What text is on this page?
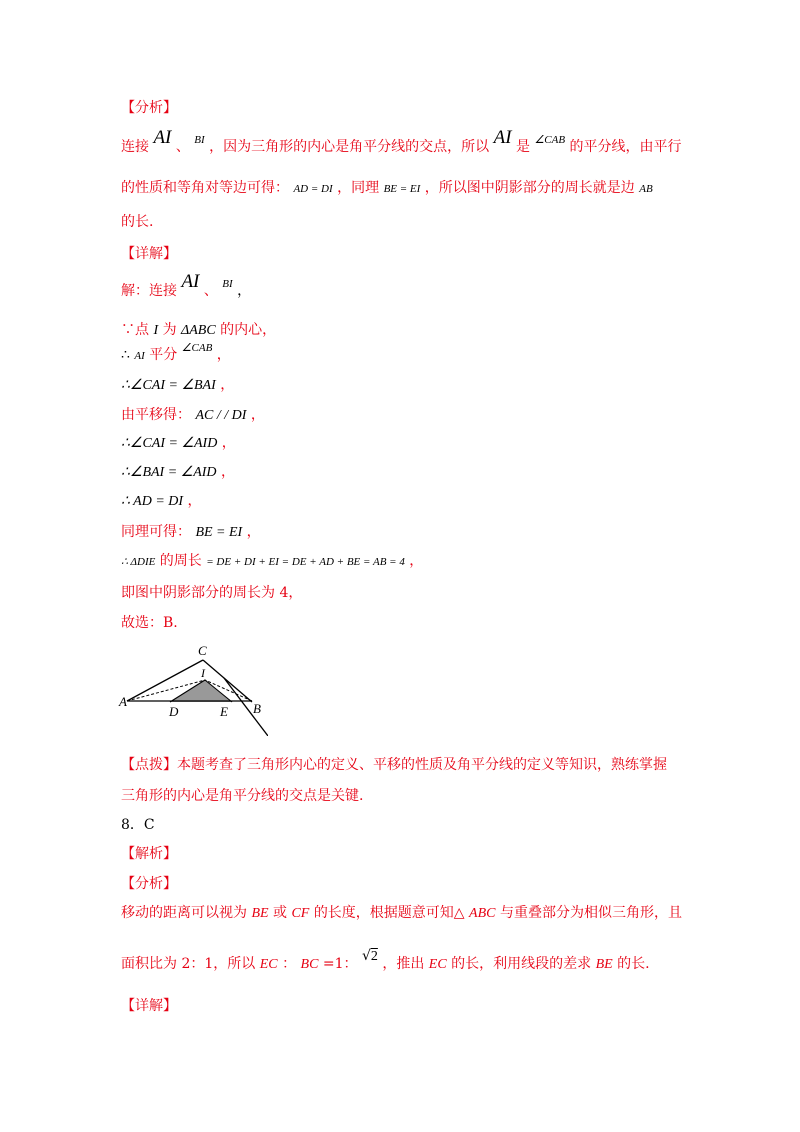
【分析】
连接 AI 、 $^{BI}$ ，因为三角形的内心是角平分线的交点，所以 AI 是 $^{\angle CAB}$ 的平分线，由平行
的性质和等角对等边可得： AD = DI ，同理 BE = EI ，所以图中阴影部分的周长就是边 AB
的长.
【详解】
解：连接 AI 、 $^{BI}$ ，
∵点 I 为 ΔABC 的内心，
∴ AI 平分 $^{\angle CAB}$ ，
∴∠CAI = ∠BAI ，
由平移得： AC / / DI ，
∴∠CAI = ∠AID ，
∴∠BAI = ∠AID ，
∴ AD = DI ，
同理可得： BE = EI ，
∴ ΔDIE 的周长 = DE + DI + EI = DE + AD + BE = AB = 4 ，
即图中阴影部分的周长为 4，
故选：B.
C
I
A
D	E B
【点拨】本题考查了三角形内心的定义、平移的性质及角平分线的定义等知识，熟练掌握
三角形的内心是角平分线的交点是关键.
8．C
【解析】
【分析】
移动的距离可以视为 BE 或 CF 的长度，根据题意可知△ ABC 与重叠部分为相似三角形，且
面积比为 2：1，所以 EC ： BC =1： √2 ，推出 EC 的长，利用线段的差求 BE 的长.
【详解】
